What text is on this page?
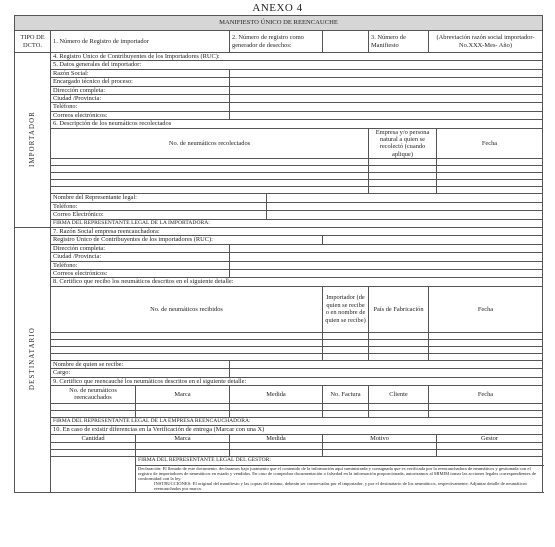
ANEXO 4
MANIFIESTO ÚNICO DE REENCAUCHE								
TIPO DE DCTO.	1. Número de Registro de importador		2. Número de registro como generador de desechos:			3. Número de Manifiesto	(Abreviación razón social importador- No.XXX-Mes- Año)	
IMPORTADOR	4. Registro Único de Contribuyentes de los Importadores (RUC):							
	5. Datos generales del importador:							
	Razón Social:							
	Encargado técnico del proceso:							
	Dirección completa:							
	Ciudad /Provincia:							
	Teléfono:							
	Correos electrónicos:							
	6. Descripción de los neumáticos recolectados							
	No. de neumáticos recolectados					Empresa y/o persona natural a quien se recolectó (cuando aplique)		Fecha

	Nombre del Representante legal:							
	Teléfono:							
	Correo Electrónico:							
	FIRMA DEL REPRESENTANTE LEGAL DE LA IMPORTADORA:							
DESTINATARIO	7. Razón Social empresa reencauchadora:							
	Registro Único de Contribuyentes de los importadores (RUC):							
	Dirección completa:							
	Ciudad /Provincia:							
	Teléfono:							
	Correos electrónicos:							
	8. Certifico que recibo los neumáticos descritos en el siguiente detalle:							
	No. de neumáticos recibidos				Importador (de quien se recibe o en nombre de quien se recibe)	País de Fabricación	Fecha	

	Nombre de quien se recibe:							
	Cargo:							
	9. Certifico que reencauché los neumáticos descritos en el siguiente detalle:							
	No. de neumáticos reencauchados	Marca	Medida		No. Factura	Cliente	Fecha	

	FIRMA DEL REPRESENTANTE LEGAL DE LA EMPRESA REENCAUCHADORA:							
	10. En caso de existir diferencias en la Verificación de entrega (Marcar con una X)							
	Cantidad	Marca	Medida		Motivo			Gestor

		FIRMA DEL REPRESENTANTE LEGAL DEL GESTOR:						

		Declaración: El llenado de este documento. declaramos bajo juramento que el contenido de la información aquí suministrada y consignada que es verificada por la reencauchadora de neumáticos y gestionada con el registro de importadores de neumáticos en estado y vendidos. En caso de comprobar documentación o falsedad en la información proporcionada, autorizamos al MIMIM tomar las acciones legales correspondientes de conformidad con la ley.
INSTRUCCIONES: El original del manifiesto y las copias del mismo, deberán ser conservadas por el importador, y por el destinatario de los neumáticos, respectivamente. Adjuntar detalle de neumáticos reencauchados por marca.						
